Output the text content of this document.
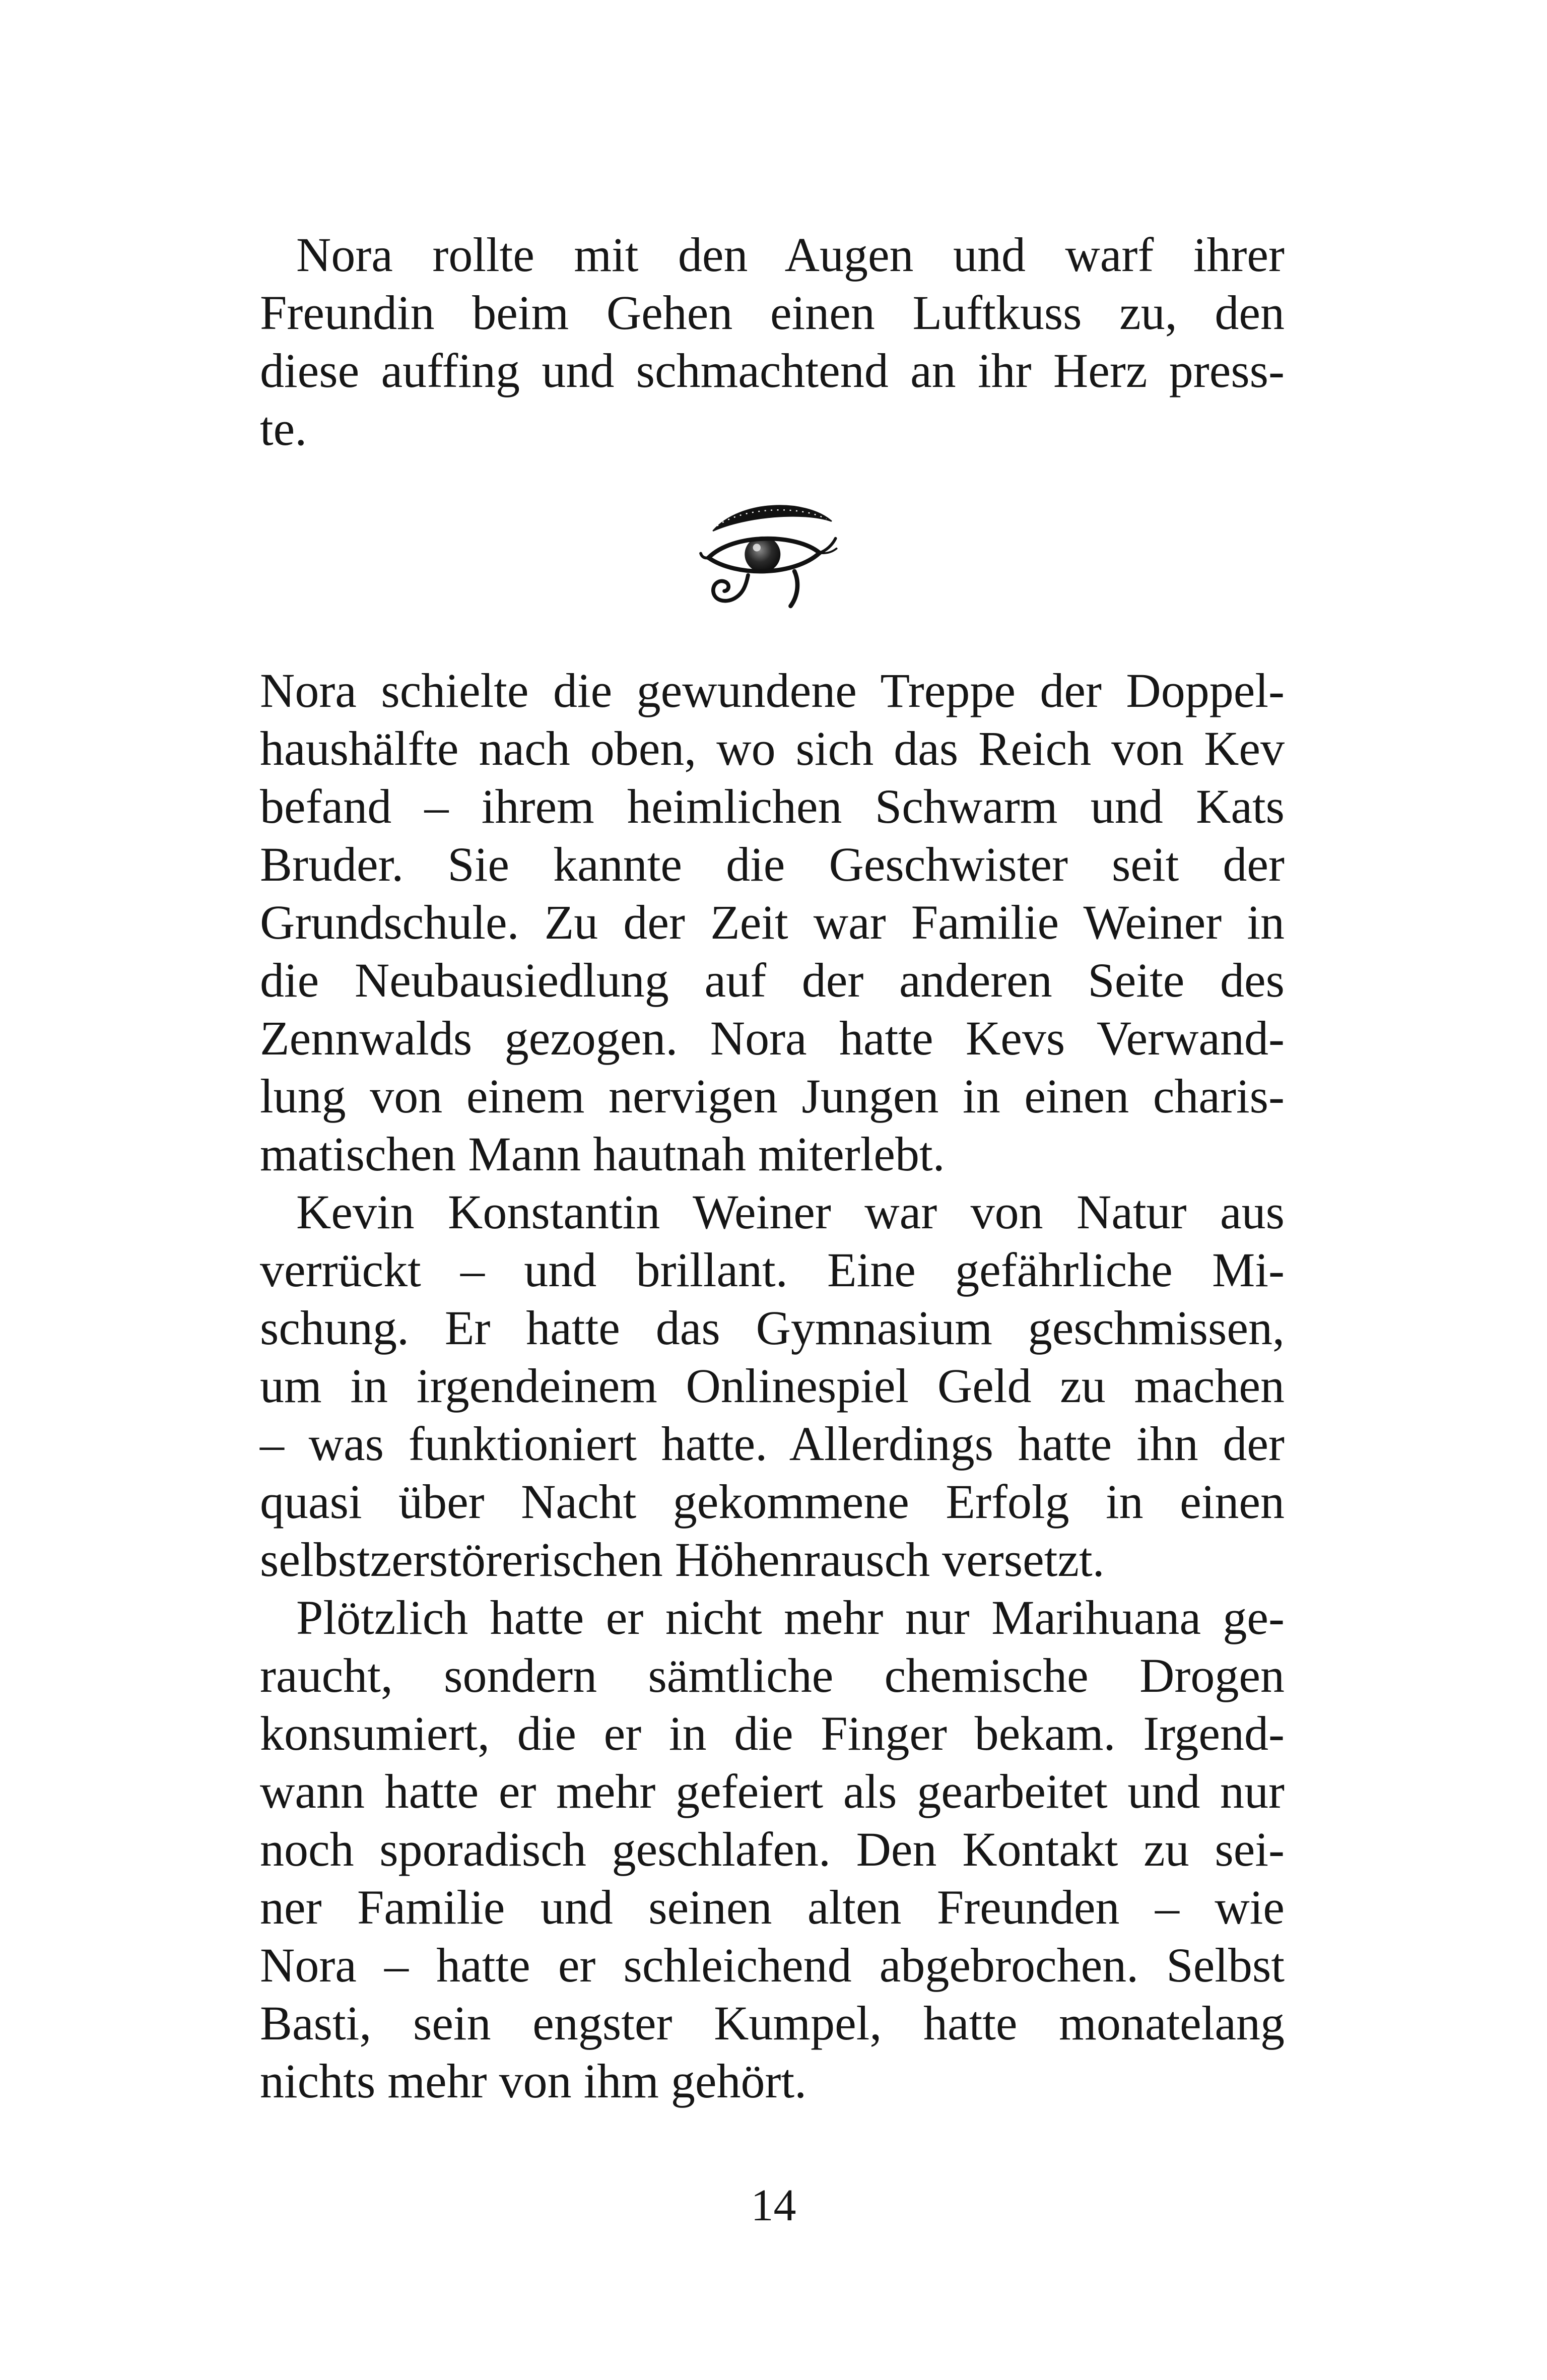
Nora rollte mit den Augen und warf ihrer
Freundin beim Gehen einen Luftkuss zu, den
diese auffing und schmachtend an ihr Herz press-
te.
Nora schielte die gewundene Treppe der Doppel-
haushälfte nach oben, wo sich das Reich von Kev
befand – ihrem heimlichen Schwarm und Kats
Bruder. Sie kannte die Geschwister seit der
Grundschule. Zu der Zeit war Familie Weiner in
die Neubausiedlung auf der anderen Seite des
Zennwalds gezogen. Nora hatte Kevs Verwand-
lung von einem nervigen Jungen in einen charis-
matischen Mann hautnah miterlebt.
Kevin Konstantin Weiner war von Natur aus
verrückt – und brillant. Eine gefährliche Mi-
schung. Er hatte das Gymnasium geschmissen,
um in irgendeinem Onlinespiel Geld zu machen
– was funktioniert hatte. Allerdings hatte ihn der
quasi über Nacht gekommene Erfolg in einen
selbstzerstörerischen Höhenrausch versetzt.
Plötzlich hatte er nicht mehr nur Marihuana ge-
raucht, sondern sämtliche chemische Drogen
konsumiert, die er in die Finger bekam. Irgend-
wann hatte er mehr gefeiert als gearbeitet und nur
noch sporadisch geschlafen. Den Kontakt zu sei-
ner Familie und seinen alten Freunden – wie
Nora – hatte er schleichend abgebrochen. Selbst
Basti, sein engster Kumpel, hatte monatelang
nichts mehr von ihm gehört.
14
